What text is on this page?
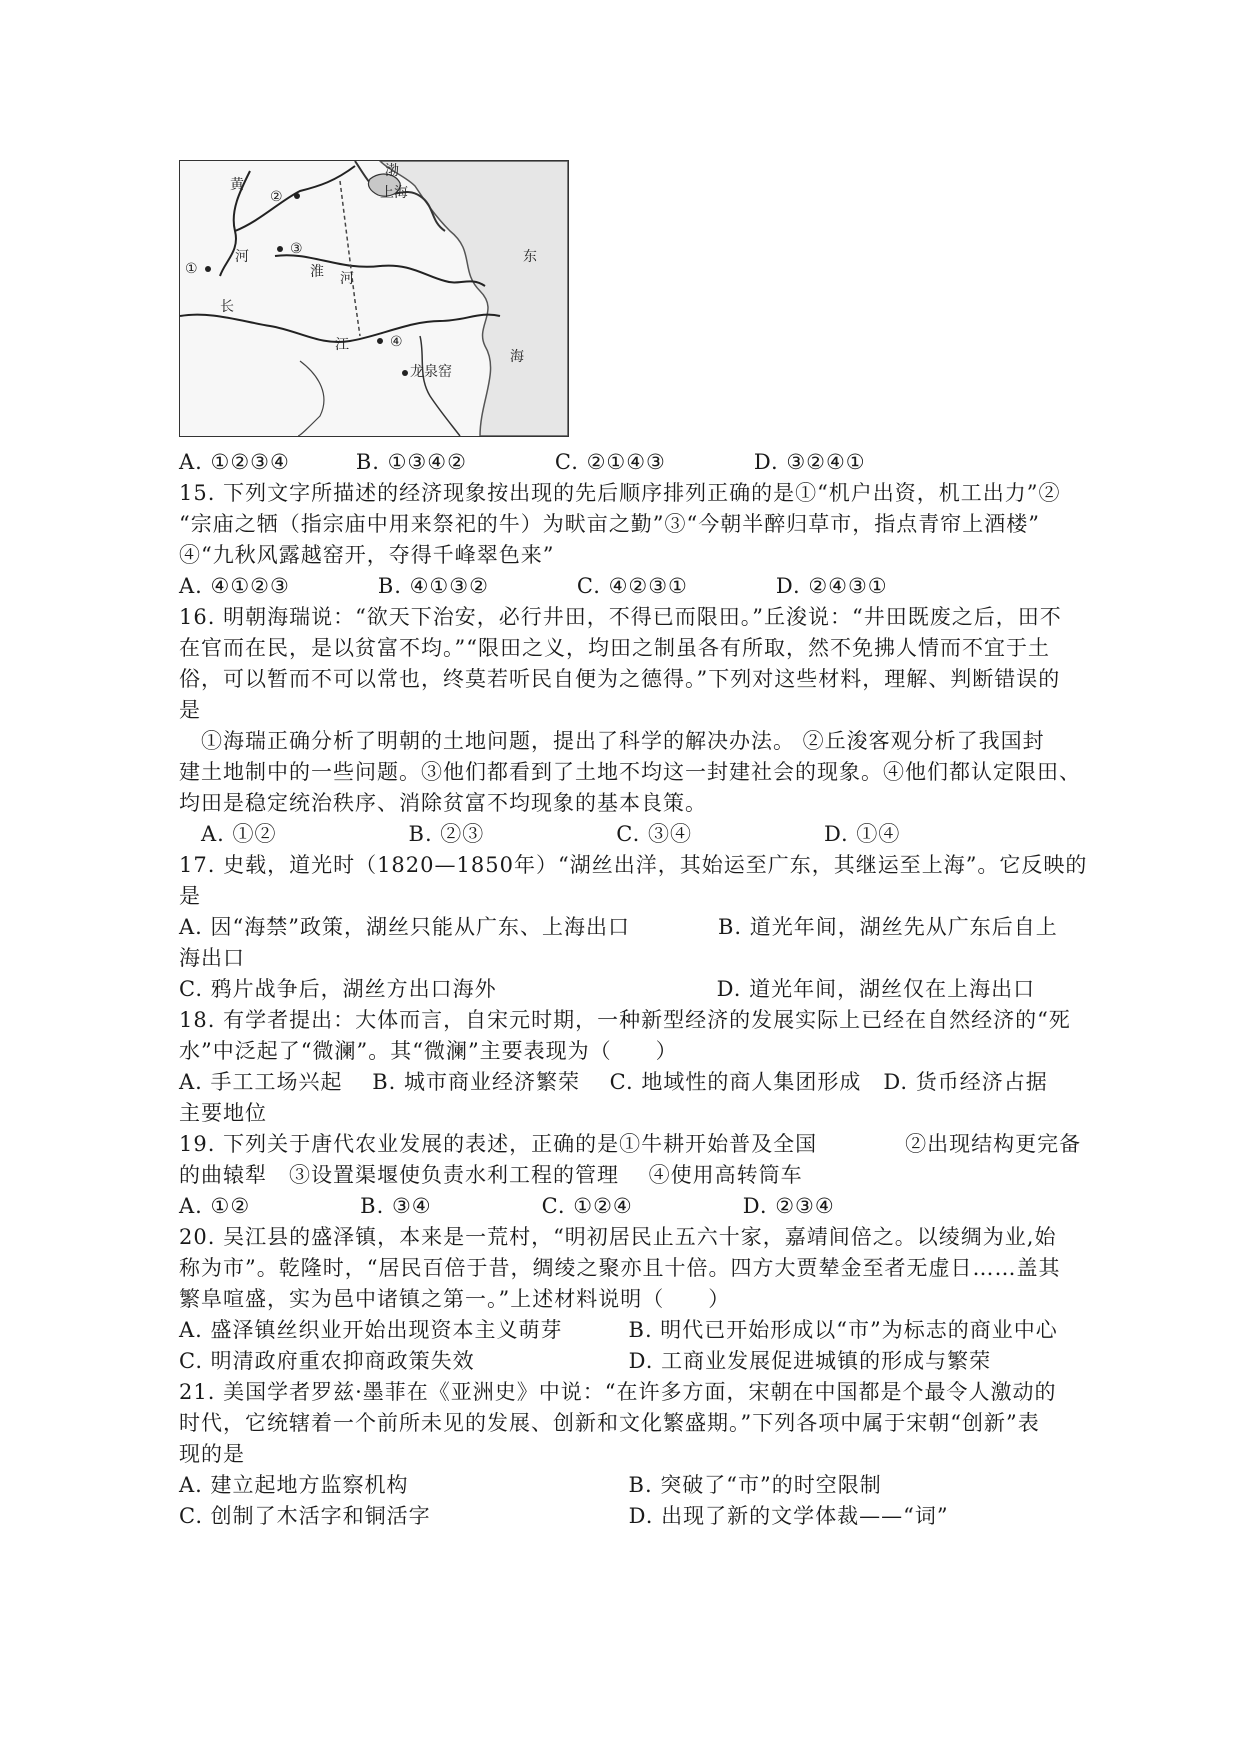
渤
上海
东
海
黄
河
淮 河
长
江
龙泉窑
②
①
③
④
A. ①②③④　　　B. ①③④②　　　　C. ②①④③　　　　D. ③②④①
15. 下列文字所描述的经济现象按出现的先后顺序排列正确的是①“机户出资，机工出力”②
“宗庙之牺（指宗庙中用来祭祀的牛）为畎亩之勤”③“今朝半醉归草市，指点青帘上酒楼”
④“九秋风露越窑开，夺得千峰翠色来”
A. ④①②③　　　　B. ④①③②　　　　C. ④②③①　　　　D. ②④③①
16. 明朝海瑞说：“欲天下治安，必行井田，不得已而限田。”丘浚说：“井田既废之后，田不
在官而在民，是以贫富不均。”“限田之义，均田之制虽各有所取，然不免拂人情而不宜于土
俗，可以暂而不可以常也，终莫若听民自便为之德得。”下列对这些材料，理解、判断错误的
是
　①海瑞正确分析了明朝的土地问题，提出了科学的解决办法。 ②丘浚客观分析了我国封
建土地制中的一些问题。③他们都看到了土地不均这一封建社会的现象。④他们都认定限田、
均田是稳定统治秩序、消除贫富不均现象的基本良策。
　A. ①②　　　　　　B. ②③　　　　　　C. ③④　　　　　　D. ①④
17. 史载，道光时（1820—1850年）“湖丝出洋，其始运至广东，其继运至上海”。它反映的
是
A. 因“海禁”政策，湖丝只能从广东、上海出口　　　　B. 道光年间，湖丝先从广东后自上
海出口
C. 鸦片战争后，湖丝方出口海外　　　　　　　　　　D. 道光年间，湖丝仅在上海出口
18. 有学者提出：大体而言，自宋元时期，一种新型经济的发展实际上已经在自然经济的“死
水”中泛起了“微澜”。其“微澜”主要表现为（　　）
A. 手工工场兴起　 B. 城市商业经济繁荣　 C. 地域性的商人集团形成　D. 货币经济占据
主要地位
19. 下列关于唐代农业发展的表述，正确的是①牛耕开始普及全国　　　　②出现结构更完备
的曲辕犁　③设置渠堰使负责水利工程的管理　 ④使用高转筒车
A. ①②　　　　　B. ③④　　　　　C. ①②④　　　　　D. ②③④
20. 吴江县的盛泽镇，本来是一荒村，“明初居民止五六十家，嘉靖间倍之。以绫绸为业,始
称为市”。乾隆时，“居民百倍于昔，绸绫之聚亦且十倍。四方大贾辇金至者无虚日……盖其
繁阜喧盛，实为邑中诸镇之第一。”上述材料说明（　　）
A. 盛泽镇丝织业开始出现资本主义萌芽　　　B. 明代已开始形成以“市”为标志的商业中心
C. 明清政府重农抑商政策失效　　　　　　　D. 工商业发展促进城镇的形成与繁荣
21. 美国学者罗兹·墨菲在《亚洲史》中说：“在许多方面，宋朝在中国都是个最令人激动的
时代，它统辖着一个前所未见的发展、创新和文化繁盛期。”下列各项中属于宋朝“创新”表
现的是
A. 建立起地方监察机构　　　　　　　　　　B. 突破了“市”的时空限制
C. 创制了木活字和铜活字　　　　　　　　　D. 出现了新的文学体裁——“词”
